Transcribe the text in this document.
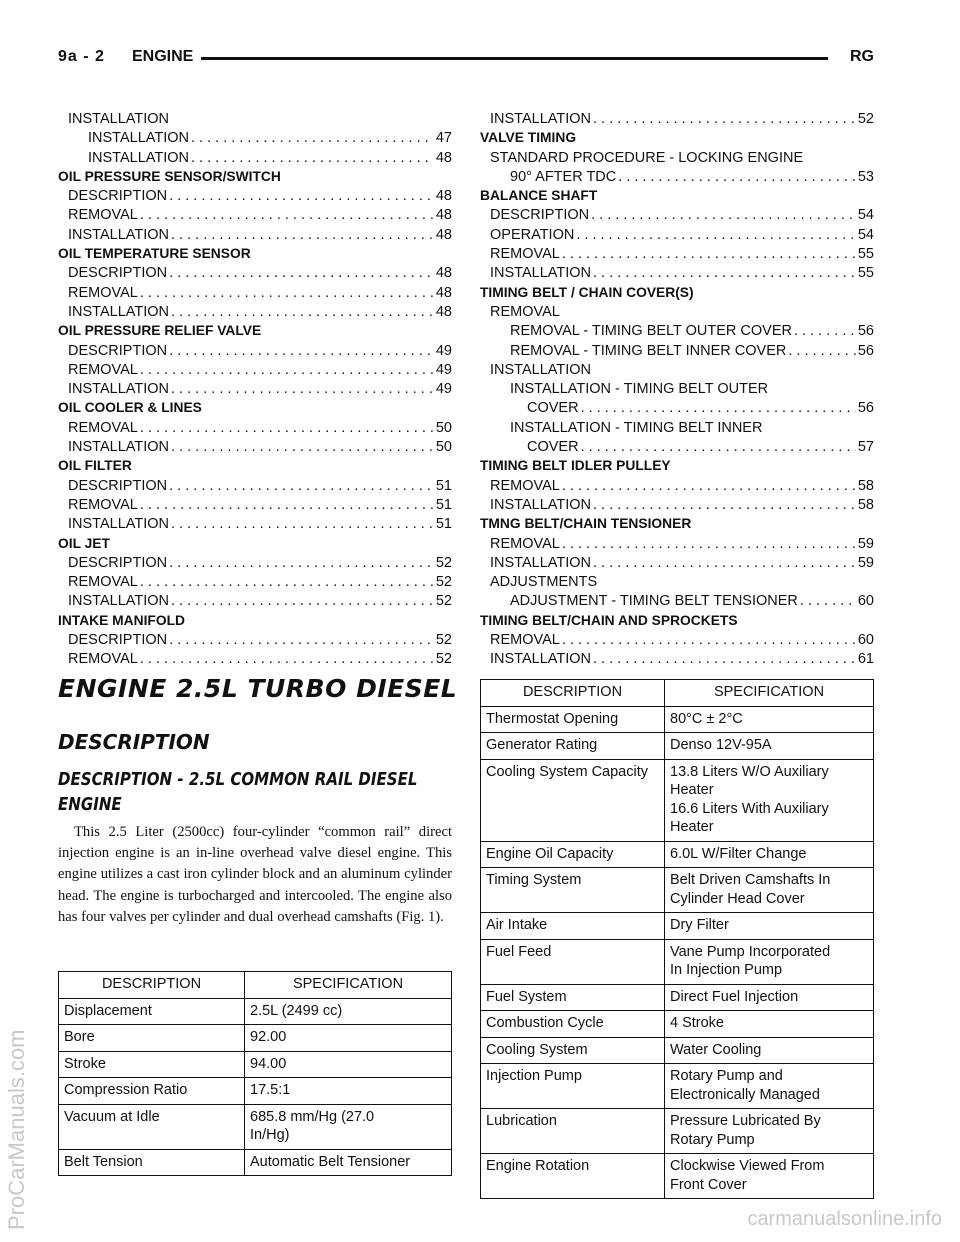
9a - 2 ENGINE	RG
INSTALLATION
INSTALLATION . . .	47
INSTALLATION . . .	48
OIL PRESSURE SENSOR/SWITCH
DESCRIPTION . . .	48
REMOVAL . . .	48
INSTALLATION . . .	48
OIL TEMPERATURE SENSOR
DESCRIPTION . . .	48
REMOVAL . . .	48
INSTALLATION . . .	48
OIL PRESSURE RELIEF VALVE
DESCRIPTION . . .	49
REMOVAL . . .	49
INSTALLATION . . .	49
OIL COOLER & LINES
REMOVAL . . .	50
INSTALLATION . . .	50
OIL FILTER
DESCRIPTION . . .	51
REMOVAL . . .	51
INSTALLATION . . .	51
OIL JET
DESCRIPTION . . .	52
REMOVAL . . .	52
INSTALLATION . . .	52
INTAKE MANIFOLD
DESCRIPTION . . .	52
REMOVAL . . .	52
INSTALLATION . . .	52
VALVE TIMING
STANDARD PROCEDURE - LOCKING ENGINE
90° AFTER TDC . . .	53
BALANCE SHAFT
DESCRIPTION . . .	54
OPERATION . . .	54
REMOVAL . . .	55
INSTALLATION . . .	55
TIMING BELT / CHAIN COVER(S)
REMOVAL
REMOVAL - TIMING BELT OUTER COVER . . .	56
REMOVAL - TIMING BELT INNER COVER . . .	56
INSTALLATION
INSTALLATION - TIMING BELT OUTER
COVER . . .	56
INSTALLATION - TIMING BELT INNER
COVER . . .	57
TIMING BELT IDLER PULLEY
REMOVAL . . .	58
INSTALLATION . . .	58
TMNG BELT/CHAIN TENSIONER
REMOVAL . . .	59
INSTALLATION . . .	59
ADJUSTMENTS
ADJUSTMENT - TIMING BELT TENSIONER . . .	60
TIMING BELT/CHAIN AND SPROCKETS
REMOVAL . . .	60
INSTALLATION . . .	61
ENGINE 2.5L TURBO DIESEL
DESCRIPTION
DESCRIPTION - 2.5L COMMON RAIL DIESEL ENGINE

This 2.5 Liter (2500cc) four-cylinder “common rail” direct injection engine is an in-line overhead valve diesel engine. This engine utilizes a cast iron cylinder block and an aluminum cylinder head. The engine is turbocharged and intercooled. The engine also has four valves per cylinder and dual overhead camshafts (Fig. 1).

DESCRIPTION	SPECIFICATION

Displacement	2.5L (2499 cc)

Bore	92.00

Stroke	94.00

Compression Ratio	17.5:1

Vacuum at Idle	685.8 mm/Hg (27.0
In/Hg)

Belt Tension	Automatic Belt Tensioner
DESCRIPTION	SPECIFICATION

Thermostat Opening	80°C ± 2°C

Generator Rating	Denso 12V-95A

Cooling System Capacity	13.8 Liters W/O Auxiliary
Heater
16.6 Liters With Auxiliary
Heater

Engine Oil Capacity	6.0L W/Filter Change

Timing System	Belt Driven Camshafts In
Cylinder Head Cover

Air Intake	Dry Filter

Fuel Feed	Vane Pump Incorporated
In Injection Pump

Fuel System	Direct Fuel Injection

Combustion Cycle	4 Stroke

Cooling System	Water Cooling

Injection Pump	Rotary Pump and
Electronically Managed

Lubrication	Pressure Lubricated By
Rotary Pump

Engine Rotation	Clockwise Viewed From
Front Cover
ProCarManuals.com	carmanualsonline.info
